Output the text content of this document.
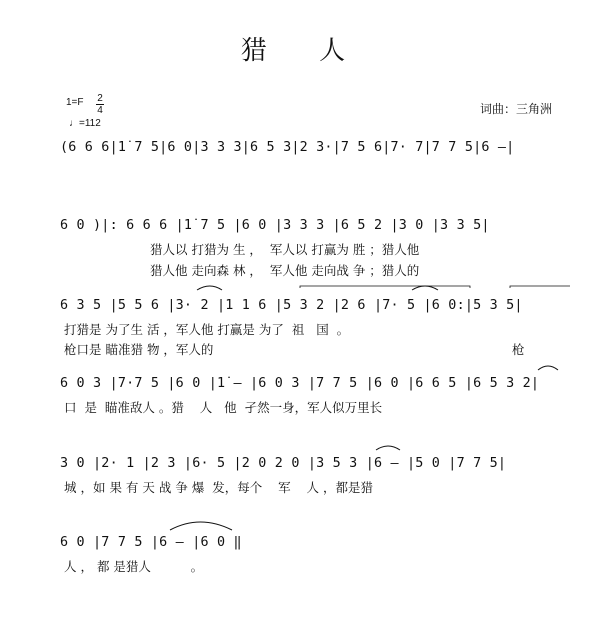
猎 人
1=F 2
4
♩=112
词曲：三角洲
(6 6 6|1̇ 7 5|6 0|3 3 3|6 5 3|2 3·|7 5 6|7· 7|7 7 5|6 –|
6 0 )|: 6 6 6 |1̇ 7 5 |6 0 |3 3 3 |6 5 2 |3 0 |3 3 5|
猎人以 打猎为 生 ，  军人以 打赢为 胜 ；猎人他
猎人他 走向森 林 ，  军人他 走向战 争 ；猎人的
6 3 5 |5 5 6 |3· 2 |1 1 6 |5 3 2 |2 6 |7· 5 |6 0:|5 3 5|
打猎是 为了生 活 ，军人他 打赢是 为了  祖   国  。
枪口是 瞄准猎 物 ，军人的	枪
6 0 3 |7·7 5 |6 0 |1̇ – |6 0 3 |7 7 5 |6 0 |6 6 5 |6 5 3 2|
口  是  瞄准敌人 。猎    人   他  孑然一身，军人似万里长
3 0 |2· 1 |2 3 |6· 5 |2 0 2 0 |3 5 3 |6 – |5 0 |7 7 5|
城 ，如 果 有 天 战 争 爆  发，每个    军    人 ，都是猎
6 0 |7 7 5 |6 – |6 0 ‖
人 ， 都 是猎人          。
